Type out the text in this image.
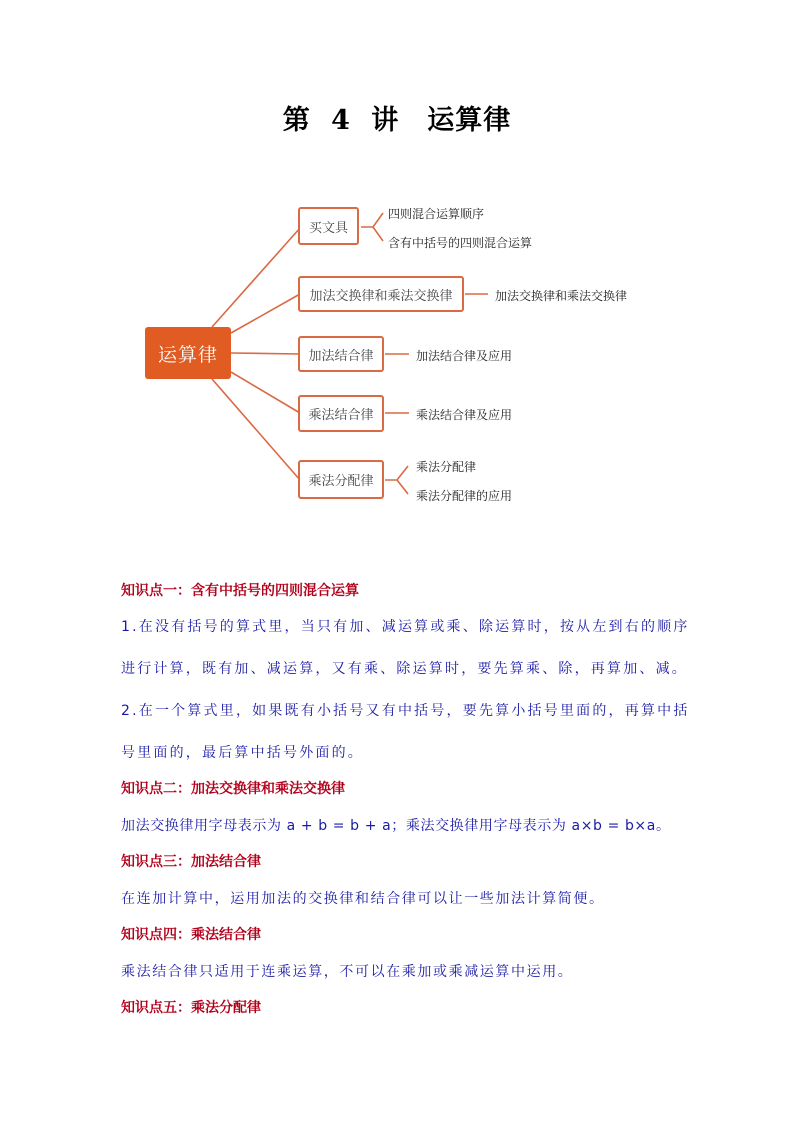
第 4 讲　运算律
运算律
买文具
加法交换律和乘法交换律
加法结合律
乘法结合律
乘法分配律
四则混合运算顺序
含有中括号的四则混合运算
加法交换律和乘法交换律
加法结合律及应用
乘法结合律及应用
乘法分配律
乘法分配律的应用
知识点一：含有中括号的四则混合运算
1.在没有括号的算式里，当只有加、减运算或乘、除运算时，按从左到右的顺序
进行计算，既有加、减运算，又有乘、除运算时，要先算乘、除，再算加、减。
2.在一个算式里，如果既有小括号又有中括号，要先算小括号里面的，再算中括
号里面的，最后算中括号外面的。
知识点二：加法交换律和乘法交换律
加法交换律用字母表示为 a + b = b + a；乘法交换律用字母表示为 a×b = b×a。
知识点三：加法结合律
在连加计算中，运用加法的交换律和结合律可以让一些加法计算简便。
知识点四：乘法结合律
乘法结合律只适用于连乘运算，不可以在乘加或乘减运算中运用。
知识点五：乘法分配律
